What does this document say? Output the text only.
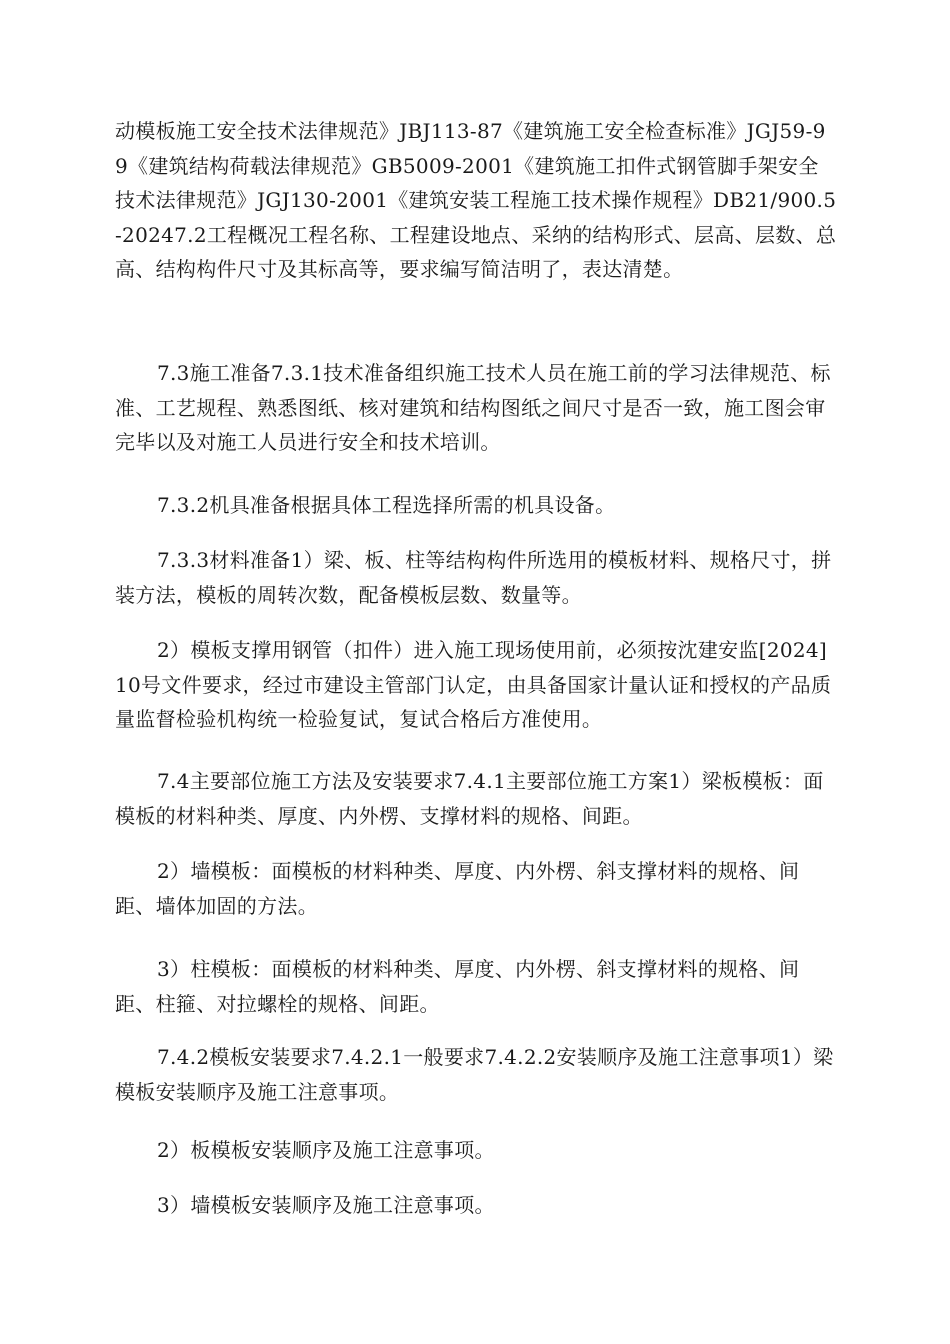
动模板施工安全技术法律规范》JBJ113-87《建筑施工安全检查标准》JGJ59-99《建筑结构荷载法律规范》GB5009-2001《建筑施工扣件式钢管脚手架安全技术法律规范》JGJ130-2001《建筑安装工程施工技术操作规程》DB21/900.5-20247.2工程概况工程名称、工程建设地点、采纳的结构形式、层高、层数、总高、结构构件尺寸及其标高等，要求编写简洁明了，表达清楚。

7.3施工准备7.3.1技术准备组织施工技术人员在施工前的学习法律规范、标准、工艺规程、熟悉图纸、核对建筑和结构图纸之间尺寸是否一致，施工图会审完毕以及对施工人员进行安全和技术培训。

7.3.2机具准备根据具体工程选择所需的机具设备。

7.3.3材料准备1）梁、板、柱等结构构件所选用的模板材料、规格尺寸，拼装方法，模板的周转次数，配备模板层数、数量等。

2）模板支撑用钢管（扣件）进入施工现场使用前，必须按沈建安监[2024]10号文件要求，经过市建设主管部门认定，由具备国家计量认证和授权的产品质量监督检验机构统一检验复试，复试合格后方准使用。

7.4主要部位施工方法及安装要求7.4.1主要部位施工方案1）梁板模板：面模板的材料种类、厚度、内外楞、支撑材料的规格、间距。

2）墙模板：面模板的材料种类、厚度、内外楞、斜支撑材料的规格、间距、墙体加固的方法。

3）柱模板：面模板的材料种类、厚度、内外楞、斜支撑材料的规格、间距、柱箍、对拉螺栓的规格、间距。

7.4.2模板安装要求7.4.2.1一般要求7.4.2.2安装顺序及施工注意事项1）梁模板安装顺序及施工注意事项。

2）板模板安装顺序及施工注意事项。

3）墙模板安装顺序及施工注意事项。
